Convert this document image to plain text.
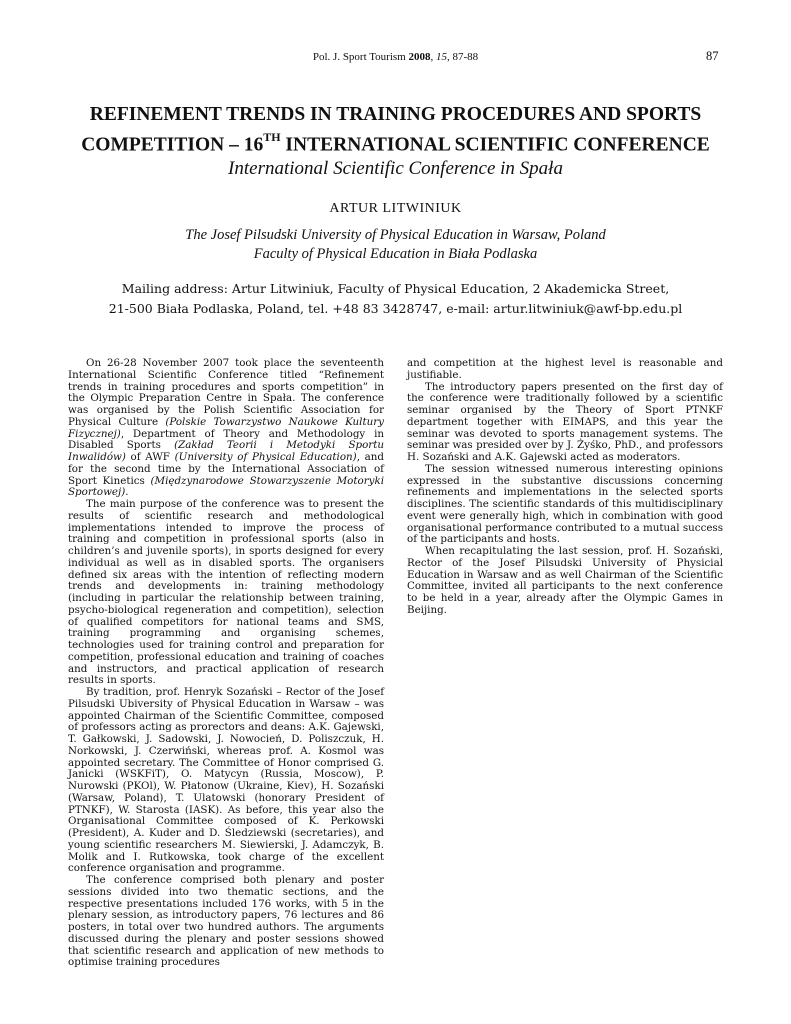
Pol. J. Sport Tourism 2008, 15, 87-88	87
REFINEMENT TRENDS IN TRAINING PROCEDURES AND SPORTS COMPETITION – 16TH INTERNATIONAL SCIENTIFIC CONFERENCE
International Scientific Conference in Spała
ARTUR LITWINIUK
The Josef Pilsudski University of Physical Education in Warsaw, Poland
Faculty of Physical Education in Biała Podlaska
Mailing address: Artur Litwiniuk, Faculty of Physical Education, 2 Akademicka Street,
21-500 Biała Podlaska, Poland, tel. +48 83 3428747, e-mail: artur.litwiniuk@awf-bp.edu.pl

On 26-28 November 2007 took place the seventeenth International Scientific Conference titled “Refinement trends in training procedures and sports competition” in the Olympic Preparation Centre in Spała. The conference was organised by the Polish Scientific Association for Physical Culture (Polskie Towarzystwo Naukowe Kultury Fizycznej), Department of Theory and Methodology in Disabled Sports (Zakład Teorii i Metodyki Sportu Inwalidów) of AWF (University of Physical Education), and for the second time by the International Association of Sport Kinetics (Międzynarodowe Stowarzyszenie Motoryki Sportowej).

The main purpose of the conference was to present the results of scientific research and methodological implementations intended to improve the process of training and competition in professional sports (also in children’s and juvenile sports), in sports designed for every individual as well as in disabled sports. The organisers defined six areas with the intention of reflecting modern trends and developments in: training methodology (including in particular the relationship between training, psycho-biological regeneration and competition), selection of qualified competitors for national teams and SMS, training programming and organising schemes, technologies used for training control and preparation for competition, professional education and training of coaches and instructors, and practical application of research results in sports.

By tradition, prof. Henryk Sozański – Rector of the Josef Pilsudski Ubiversity of Physical Education in Warsaw – was appointed Chairman of the Scientific Committee, composed of professors acting as prorectors and deans: A.K. Gajewski, T. Gałkowski, J. Sadowski, J. Nowocień, D. Poliszczuk, H. Norkowski, J. Czerwiński, whereas prof. A. Kosmol was appointed secretary. The Committee of Honor comprised G. Janicki (WSKFiT), O. Matycyn (Russia, Moscow), P. Nurowski (PKOl), W. Płatonow (Ukraine, Kiev), H. Sozański (Warsaw, Poland), T. Ulatowski (honorary President of PTNKF), W. Starosta (IASK). As before, this year also the Organisational Committee composed of K. Perkowski (President), A. Kuder and D. Śledziewski (secretaries), and young scientific researchers M. Siewierski, J. Adamczyk, B. Molik and I. Rutkowska, took charge of the excellent conference organisation and programme.

The conference comprised both plenary and poster sessions divided into two thematic sections, and the respective presentations included 176 works, with 5 in the plenary session, as introductory papers, 76 lectures and 86 posters, in total over two hundred authors. The arguments discussed during the plenary and poster sessions showed that scientific research and application of new methods to optimise training procedures

and competition at the highest level is reasonable and justifiable.

The introductory papers presented on the first day of the conference were traditionally followed by a scientific seminar organised by the Theory of Sport PTNKF department together with EIMAPS, and this year the seminar was devoted to sports management systems. The seminar was presided over by J. Żyśko, PhD., and professors H. Sozański and A.K. Gajewski acted as moderators.

The session witnessed numerous interesting opinions expressed in the substantive discussions concerning refinements and implementations in the selected sports disciplines. The scientific standards of this multidisciplinary event were generally high, which in combination with good organisational performance contributed to a mutual success of the participants and hosts.

When recapitulating the last session, prof. H. Sozański, Rector of the Josef Pilsudski University of Physicial Education in Warsaw and as well Chairman of the Scientific Committee, invited all participants to the next conference to be held in a year, already after the Olympic Games in Beijing.
